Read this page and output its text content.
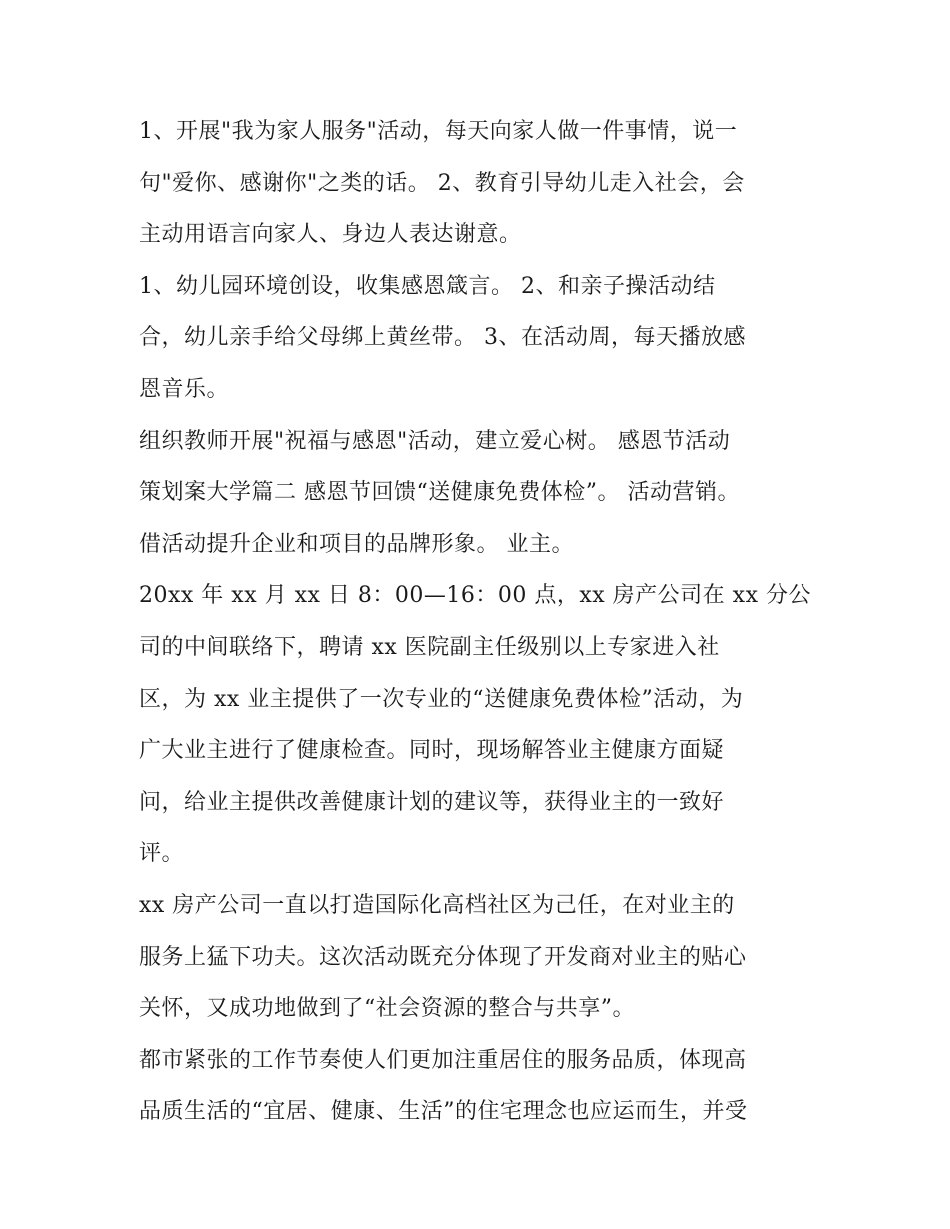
1、开展"我为家人服务"活动，每天向家人做一件事情，说一
句"爱你、感谢你"之类的话。 2、教育引导幼儿走入社会，会
主动用语言向家人、身边人表达谢意。
1、幼儿园环境创设，收集感恩箴言。 2、和亲子操活动结
合，幼儿亲手给父母绑上黄丝带。 3、在活动周，每天播放感
恩音乐。
组织教师开展"祝福与感恩"活动，建立爱心树。 感恩节活动
策划案大学篇二 感恩节回馈“送健康免费体检”。 活动营销。
借活动提升企业和项目的品牌形象。 业主。
20xx 年 xx 月 xx 日 8：00—16：00 点，xx 房产公司在 xx 分公
司的中间联络下，聘请 xx 医院副主任级别以上专家进入社
区，为 xx 业主提供了一次专业的“送健康免费体检”活动，为
广大业主进行了健康检查。同时，现场解答业主健康方面疑
问，给业主提供改善健康计划的建议等，获得业主的一致好
评。
xx 房产公司一直以打造国际化高档社区为己任，在对业主的
服务上猛下功夫。这次活动既充分体现了开发商对业主的贴心
关怀，又成功地做到了“社会资源的整合与共享”。
都市紧张的工作节奏使人们更加注重居住的服务品质，体现高
品质生活的“宜居、健康、生活”的住宅理念也应运而生，并受
